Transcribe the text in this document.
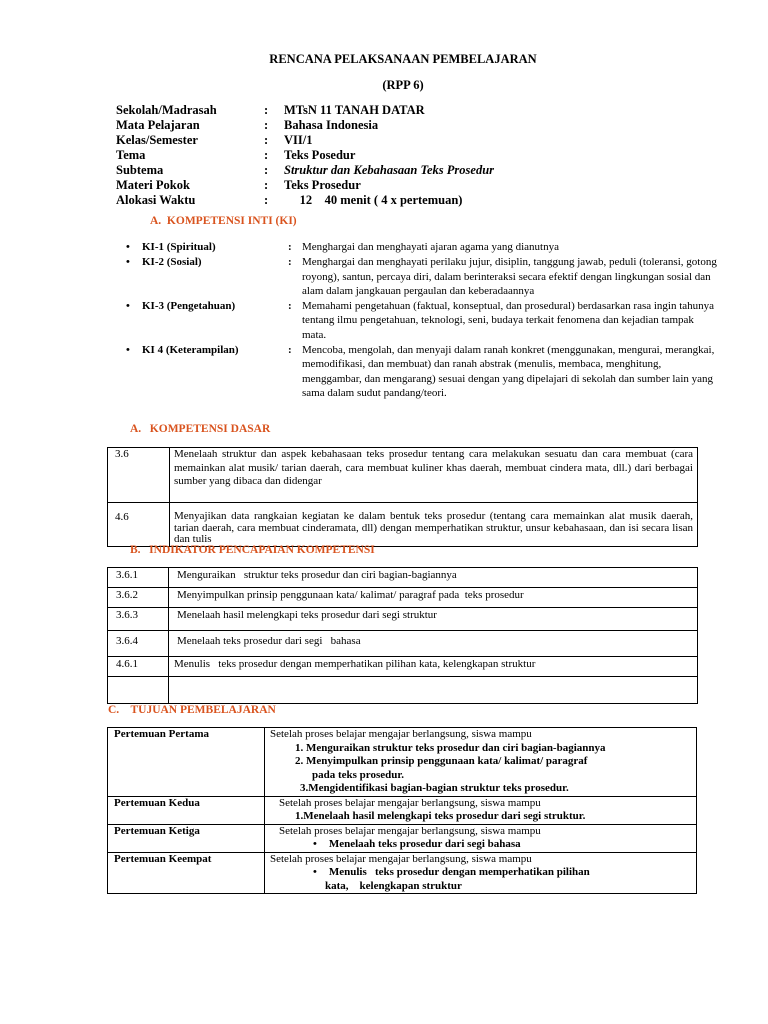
RENCANA PELAKSANAAN PEMBELAJARAN
(RPP 6)
Sekolah/Madrasah	:	MTsN 11 TANAH DATAR
Mata Pelajaran	:	Bahasa Indonesia
Kelas/Semester	:	VII/1
Tema	:	Teks Posedur
Subtema	:	Struktur dan Kebahasaan Teks Prosedur
Materi Pokok	:	Teks Prosedur
Alokasi Waktu	:	12    40 menit ( 4 x pertemuan)
A.  KOMPETENSI INTI (KI)
•	KI-1 (Spiritual)	: Menghargai dan menghayati ajaran agama yang dianutnya
•	KI-2 (Sosial)	: Menghargai dan menghayati perilaku jujur, disiplin, tanggung jawab, peduli (toleransi, gotong royong), santun, percaya diri, dalam berinteraksi secara efektif dengan lingkungan sosial dan alam dalam jangkauan pergaulan dan keberadaannya
•	KI-3 (Pengetahuan)	: Memahami pengetahuan (faktual, konseptual, dan prosedural) berdasarkan rasa ingin tahunya tentang ilmu pengetahuan, teknologi, seni, budaya terkait fenomena dan kejadian tampak mata.
•	KI 4 (Keterampilan)	: Mencoba, mengolah, dan menyaji dalam ranah konkret (menggunakan, mengurai, merangkai, memodifikasi, dan membuat) dan ranah abstrak (menulis, membaca, menghitung, menggambar, dan mengarang) sesuai dengan yang dipelajari di sekolah dan sumber lain yang sama dalam sudut pandang/teori.
A.   KOMPETENSI DASAR
3.6	Menelaah struktur dan aspek kebahasaan teks prosedur tentang cara melakukan sesuatu dan cara membuat (cara memainkan alat musik/ tarian daerah, cara membuat kuliner khas daerah, membuat cindera mata, dll.) dari berbagai sumber yang dibaca dan didengar
4.6	Menyajikan data rangkaian kegiatan ke dalam bentuk teks prosedur (tentang cara memainkan alat musik daerah, tarian daerah, cara membuat cinderamata, dll) dengan memperhatikan struktur, unsur kebahasaan, dan isi secara lisan dan tulis
B.   INDIKATOR PENCAPAIAN KOMPETENSI
3.6.1	Menguraikan   struktur teks prosedur dan ciri bagian-bagiannya
3.6.2	Menyimpulkan prinsip penggunaan kata/ kalimat/ paragraf pada  teks prosedur
3.6.3	Menelaah hasil melengkapi teks prosedur dari segi struktur
3.6.4	Menelaah teks prosedur dari segi   bahasa
4.6.1	Menulis   teks prosedur dengan memperhatikan pilihan kata, kelengkapan struktur

C.    TUJUAN PEMBELAJARAN
Pertemuan Pertama	Setelah proses belajar mengajar berlangsung, siswa mampu
1. Menguraikan struktur teks prosedur dan ciri bagian-bagiannya
2. Menyimpulkan prinsip penggunaan kata/ kalimat/ paragraf
pada teks prosedur.
3.Mengidentifikasi bagian-bagian struktur teks prosedur.

Pertemuan Kedua	Setelah proses belajar mengajar berlangsung, siswa mampu
1.Menelaah hasil melengkapi teks prosedur dari segi struktur.

Pertemuan Ketiga	Setelah proses belajar mengajar berlangsung, siswa mampu
• Menelaah teks prosedur dari segi bahasa

Pertemuan Keempat	Setelah proses belajar mengajar berlangsung, siswa mampu
• Menulis   teks prosedur dengan memperhatikan pilihan
kata,    kelengkapan struktur
